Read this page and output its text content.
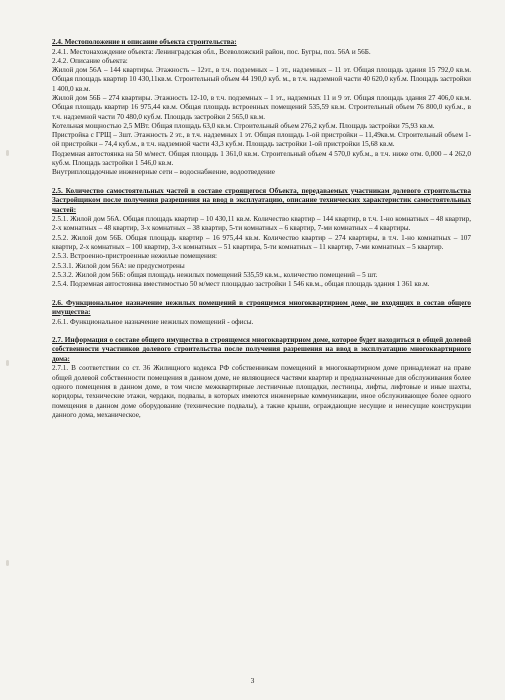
2.4. Местоположение и описание объекта строительства:

2.4.1. Местонахождение объекта: Ленинградская обл., Всеволожский район, пос. Бугры, поз. 56А и 56Б.

2.4.2. Описание объекта:

Жилой дом 56А – 144 квартиры. Этажность – 12эт., в т.ч. подземных – 1 эт., надземных – 11 эт. Общая площадь здания 15 792,0 кв.м. Общая площадь квартир 10 430,11кв.м. Строительный объем 44 190,0 куб. м., в т.ч. надземной части 40 620,0 куб.м. Площадь застройки 1 400,0 кв.м.

Жилой дом 56Б – 274 квартиры. Этажность 12-10, в т.ч. подземных – 1 эт., надземных 11 и 9 эт. Общая площадь здания 27 406,0 кв.м. Общая площадь квартир 16 975,44 кв.м. Общая площадь встроенных помещений 535,59 кв.м. Строительный объем 76 800,0 куб.м., в т.ч. надземной части 70 480,0 куб.м. Площадь застройки 2 565,0 кв.м.

Котельная мощностью 2,5 МВт. Общая площадь 63,0 кв.м. Строительный объем 276,2 куб.м. Площадь застройки 75,93 кв.м.

Пристройка с ГРЩ – 3шт. Этажность 2 эт., в т.ч. надземных 1 эт. Общая площадь 1-ой пристройки – 11,49кв.м. Строительный объем 1-ой пристройки – 74,4 куб.м., в т.ч. надземной части 43,3 куб.м. Площадь застройки 1-ой пристройки 15,68 кв.м.

Подземная автостоянка на 50 м/мест. Общая площадь 1 361,0 кв.м. Строительный объем 4 570,0 куб.м., в т.ч. ниже отм. 0,000 – 4 262,0 куб.м. Площадь застройки 1 546,0 кв.м.

Внутриплощадочные инженерные сети – водоснабжение, водоотведение

2.5. Количество самостоятельных частей в составе строящегося Объекта, передаваемых участникам долевого строительства Застройщиком после получения разрешения на ввод в эксплуатацию, описание технических характеристик самостоятельных частей:

2.5.1. Жилой дом 56А. Общая площадь квартир – 10 430,11 кв.м. Количество квартир – 144 квартир, в т.ч. 1-но комнатных – 48 квартир, 2-х комнатных – 48 квартир, 3-х комнатных – 38 квартир, 5-ти комнатных – 6 квартир, 7-ми комнатных – 4 квартиры.

2.5.2. Жилой дом 56Б. Общая площадь квартир – 16 975,44 кв.м. Количество квартир – 274 квартиры, в т.ч. 1-но комнатных – 107 квартир, 2-х комнатных – 100 квартир, 3-х комнатных – 51 квартира, 5-ти комнатных – 11 квартир, 7-ми комнатных – 5 квартир.

2.5.3. Встроенно-пристроенные нежилые помещения:

2.5.3.1. Жилой дом 56А: не предусмотрены

2.5.3.2. Жилой дом 56Б: общая площадь нежилых помещений 535,59 кв.м., количество помещений – 5 шт.

2.5.4. Подземная автостоянка вместимостью 50 м/мест площадью застройки 1 546 кв.м., общая площадь здания 1 361 кв.м.

2.6. Функциональное назначение нежилых помещений в строящемся многоквартирном доме, не входящих в состав общего имущества:

2.6.1. Функциональное назначение нежилых помещений - офисы.

2.7. Информация о составе общего имущества в строящемся многоквартирном доме, которое будет находиться в общей долевой собственности участников долевого строительства после получения разрешения на ввод в эксплуатацию многоквартирного дома:

2.7.1. В соответствии со ст. 36 Жилищного кодекса РФ собственникам помещений в многоквартирном доме принадлежат на праве общей долевой собственности помещения в данном доме, не являющиеся частями квартир и предназначенные для обслуживания более одного помещения в данном доме, в том числе межквартирные лестничные площадки, лестницы, лифты, лифтовые и иные шахты, коридоры, технические этажи, чердаки, подвалы, в которых имеются инженерные коммуникации, иное обслуживающее более одного помещения в данном доме оборудование (технические подвалы), а также крыши, ограждающие несущие и ненесущие конструкции данного дома, механическое,

3
